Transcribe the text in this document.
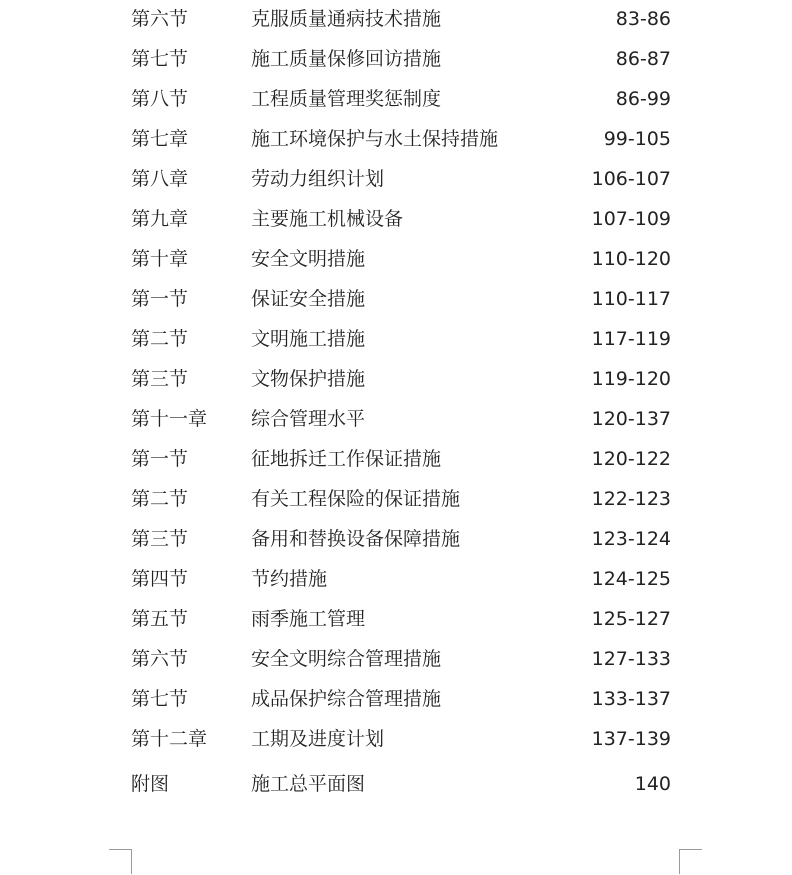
第六节	克服质量通病技术措施	83-86
第七节	施工质量保修回访措施	86-87
第八节	工程质量管理奖惩制度	86-99
第七章	施工环境保护与水土保持措施	99-105
第八章	劳动力组织计划	106-107
第九章	主要施工机械设备	107-109
第十章	安全文明措施	110-120
第一节	保证安全措施	110-117
第二节	文明施工措施	117-119
第三节	文物保护措施	119-120
第十一章 综合管理水平	120-137
第一节	征地拆迁工作保证措施	120-122
第二节	有关工程保险的保证措施	122-123
第三节	备用和替换设备保障措施	123-124
第四节	节约措施	124-125
第五节	雨季施工管理	125-127
第六节	安全文明综合管理措施	127-133
第七节	成品保护综合管理措施	133-137
第十二章 工期及进度计划	137-139
附图	施工总平面图	140
